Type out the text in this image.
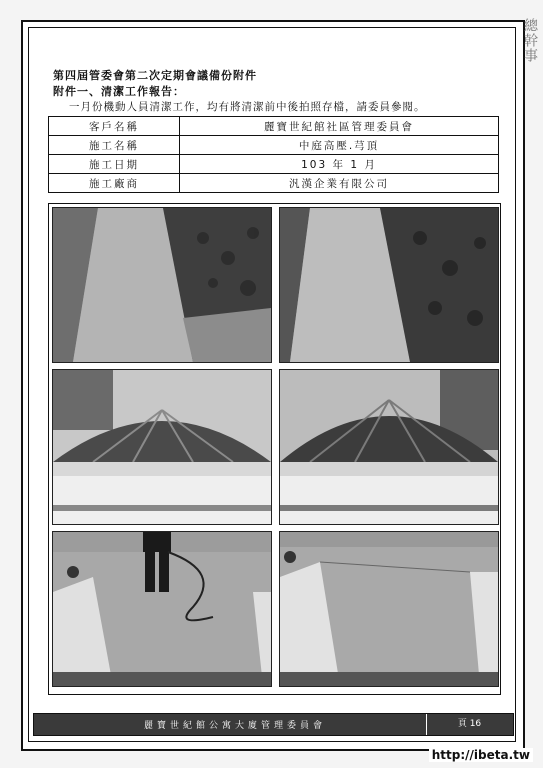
總幹事
第四屆管委會第二次定期會議備份附件
附件一、清潔工作報告：
一月份機動人員清潔工作，均有將清潔前中後拍照存檔，請委員參閱。
客戶名稱	麗寶世紀館社區管理委員會
施工名稱	中庭高壓.芎頂
施工日期	103 年 1 月
施工廠商	汎漢企業有限公司
麗寶世紀館公寓大廈管理委員會	頁 16
http://ibeta.tw
